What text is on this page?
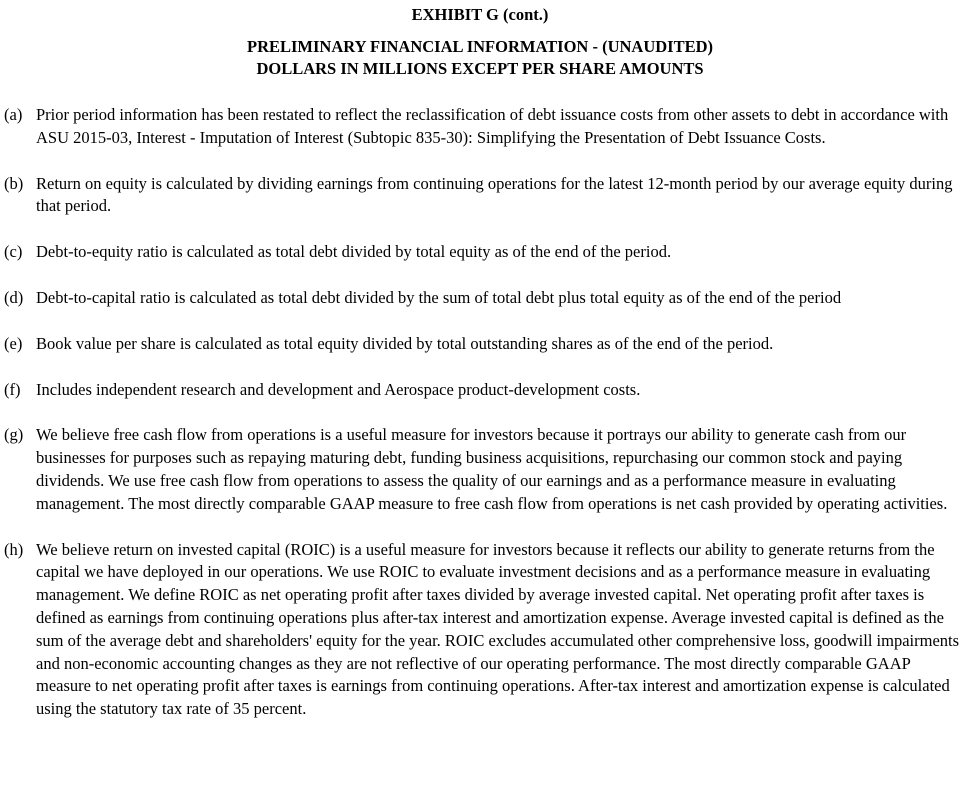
EXHIBIT G (cont.)
PRELIMINARY FINANCIAL INFORMATION - (UNAUDITED)
DOLLARS IN MILLIONS EXCEPT PER SHARE AMOUNTS
(a) Prior period information has been restated to reflect the reclassification of debt issuance costs from other assets to debt in accordance with ASU 2015-03, Interest - Imputation of Interest (Subtopic 835-30): Simplifying the Presentation of Debt Issuance Costs.
(b) Return on equity is calculated by dividing earnings from continuing operations for the latest 12-month period by our average equity during that period.
(c) Debt-to-equity ratio is calculated as total debt divided by total equity as of the end of the period.
(d) Debt-to-capital ratio is calculated as total debt divided by the sum of total debt plus total equity as of the end of the period
(e) Book value per share is calculated as total equity divided by total outstanding shares as of the end of the period.
(f) Includes independent research and development and Aerospace product-development costs.
(g) We believe free cash flow from operations is a useful measure for investors because it portrays our ability to generate cash from our businesses for purposes such as repaying maturing debt, funding business acquisitions, repurchasing our common stock and paying dividends. We use free cash flow from operations to assess the quality of our earnings and as a performance measure in evaluating management. The most directly comparable GAAP measure to free cash flow from operations is net cash provided by operating activities.
(h) We believe return on invested capital (ROIC) is a useful measure for investors because it reflects our ability to generate returns from the capital we have deployed in our operations. We use ROIC to evaluate investment decisions and as a performance measure in evaluating management. We define ROIC as net operating profit after taxes divided by average invested capital. Net operating profit after taxes is defined as earnings from continuing operations plus after-tax interest and amortization expense. Average invested capital is defined as the sum of the average debt and shareholders' equity for the year. ROIC excludes accumulated other comprehensive loss, goodwill impairments and non-economic accounting changes as they are not reflective of our operating performance. The most directly comparable GAAP measure to net operating profit after taxes is earnings from continuing operations. After-tax interest and amortization expense is calculated using the statutory tax rate of 35 percent.
